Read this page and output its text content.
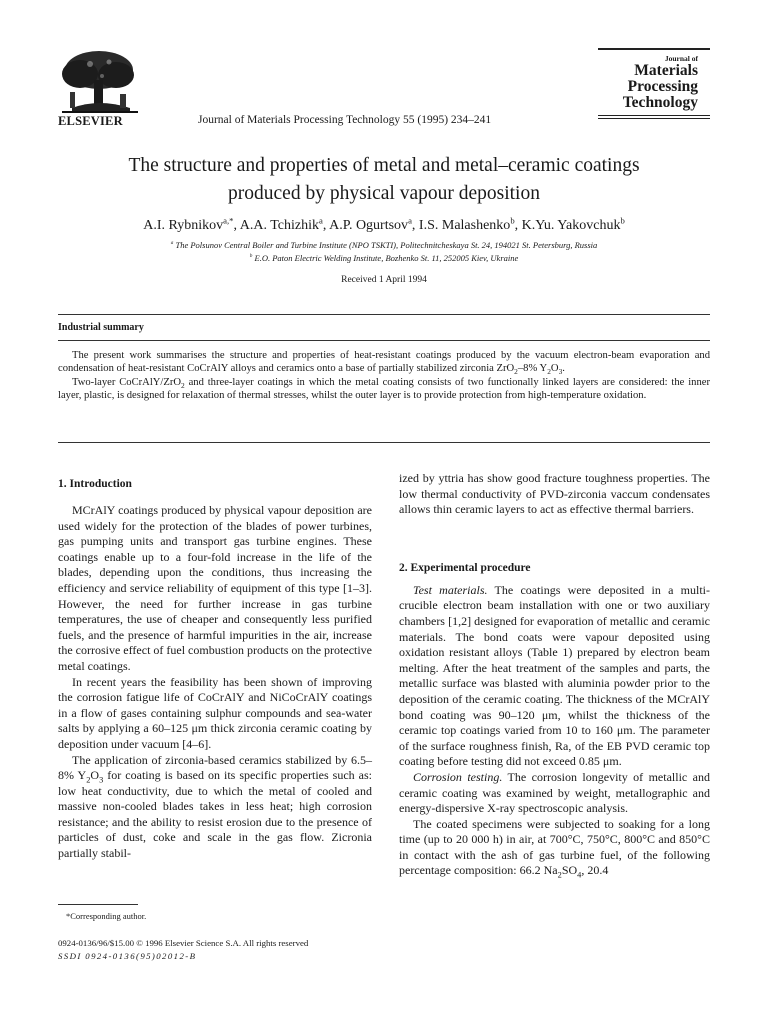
ELSEVIER	Journal of Materials Processing Technology 55 (1995) 234–241
Journal of
Materials
Processing
Technology
The structure and properties of metal and metal–ceramic coatings
produced by physical vapour deposition
A.I. Rybnikov$^{a,*}$, A.A. Tchizhik$^a$, A.P. Ogurtsov$^a$, I.S. Malashenko$^b$, K.Yu. Yakovchuk$^b$
$^a$ The Polsunov Central Boiler and Turbine Institute (NPO TSKTI), Politechnitcheskaya St. 24, 194021 St. Petersburg, Russia
$^b$ E.O. Paton Electric Welding Institute, Bozhenko St. 11, 252005 Kiev, Ukraine
Received 1 April 1994
Industrial summary

The present work summarises the structure and properties of heat-resistant coatings produced by the vacuum electron-beam evaporation and condensation of heat-resistant CoCrAlY alloys and ceramics onto a base of partially stabilized zirconia ZrO$_2$–8% $Y_2O_3$.

Two-layer CoCrAlY/ZrO$_2$ and three-layer coatings in which the metal coating consists of two functionally linked layers are considered: the inner layer, plastic, is designed for relaxation of thermal stresses, whilst the outer layer is to provide protection from high-temperature oxidation.

1. Introduction

MCrAlY coatings produced by physical vapour deposition are used widely for the protection of the blades of power turbines, gas pumping units and transport gas turbine engines. These coatings enable up to a four-fold increase in the life of the blades, depending upon the conditions, thus increasing the efficiency and service reliability of equipment of this type [1–3]. However, the need for further increase in gas turbine temperatures, the use of cheaper and consequently less purified fuels, and the presence of harmful impurities in the air, increase the corrosive effect of fuel combustion products on the protective metal coatings.

In recent years the feasibility has been shown of improving the corrosion fatigue life of CoCrAlY and NiCoCrAlY coatings in a flow of gases containing sulphur compounds and sea-water salts by applying a 60–125 μm thick zirconia ceramic coating by deposition under vacuum [4–6].

The application of zirconia-based ceramics stabilized by 6.5–8% $Y_2O_3$ for coating is based on its specific properties such as: low heat conductivity, due to which the metal of cooled and massive non-cooled blades takes in less heat; high corrosion resistance; and the ability to resist erosion due to the presence of particles of dust, coke and scale in the gas flow. Zicronia partially stabil-

ized by yttria has show good fracture toughness properties. The low thermal conductivity of PVD-zirconia vaccum condensates allows thin ceramic layers to act as effective thermal barriers.

Test materials. The coatings were deposited in a multi-crucible electron beam installation with one or two auxiliary chambers [1,2] designed for evaporation of metallic and ceramic materials. The bond coats were vapour deposited using oxidation resistant alloys (Table 1) prepared by electron beam melting. After the heat treatment of the samples and parts, the metallic surface was blasted with aluminia powder prior to the deposition of the ceramic coating. The thickness of the MCrAlY bond coating was 90–120 μm, whilst the thickness of the ceramic top coatings varied from 10 to 160 μm. The parameter of the surface roughness finish, Ra, of the EB PVD ceramic top coating before testing did not exceed 0.85 μm.

Corrosion testing. The corrosion longevity of metallic and ceramic coating was examined by weight, metallographic and energy-dispersive X-ray spectroscopic analysis.

The coated specimens were subjected to soaking for a long time (up to 20 000 h) in air, at 700°C, 750°C, 800°C and 850°C in contact with the ash of gas turbine fuel, of the following percentage composition: 66.2 $Na_2SO_4$, 20.4

2. Experimental procedure
*Corresponding author.
0924-0136/96/$15.00 © 1996 Elsevier Science S.A. All rights reserved
SSDI 0924-0136(95)02012-B
